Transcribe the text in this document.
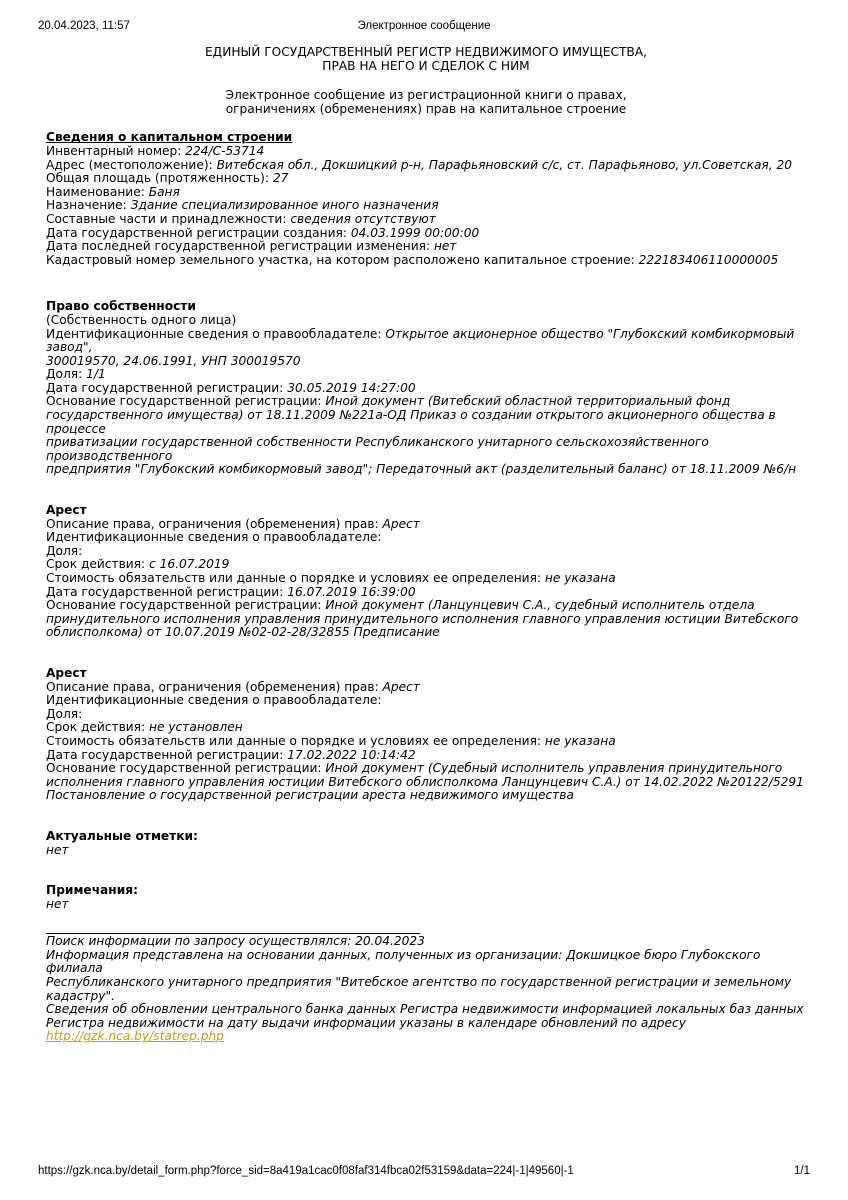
20.04.2023, 11:57	Электронное сообщение
ЕДИНЫЙ ГОСУДАРСТВЕННЫЙ РЕГИСТР НЕДВИЖИМОГО ИМУЩЕСТВА,
ПРАВ НА НЕГО И СДЕЛОК С НИМ
Электронное сообщение из регистрационной книги о правах,
ограничениях (обременениях) прав на капитальное строение
Сведения о капитальном строении
Инвентарный номер: 224/C-53714
Адрес (местоположение): Витебская обл., Докшицкий р-н, Парафьяновский с/с, ст. Парафьяново, ул.Советская, 20
Общая площадь (протяженность): 27
Наименование: Баня
Назначение: Здание специализированное иного назначения
Составные части и принадлежности: сведения отсутствуют
Дата государственной регистрации создания: 04.03.1999 00:00:00
Дата последней государственной регистрации изменения: нет
Кадастровый номер земельного участка, на котором расположено капитальное строение: 222183406110000005
Право собственности
(Собственность одного лица)
Идентификационные сведения о правообладателе: Открытое акционерное общество "Глубокский комбикормовый завод",
300019570, 24.06.1991, УНП 300019570
Доля: 1/1
Дата государственной регистрации: 30.05.2019 14:27:00
Основание государственной регистрации: Иной документ (Витебский областной территориальный фонд
государственного имущества) от 18.11.2009 №221а-ОД Приказ о создании открытого акционерного общества в процессе
приватизации государственной собственности Республиканского унитарного сельскохозяйственного производственного
предприятия "Глубокский комбикормовый завод"; Передаточный акт (разделительный баланс) от 18.11.2009 №6/н
Арест
Описание права, ограничения (обременения) прав: Арест
Идентификационные сведения о правообладателе:
Доля:
Срок действия: с 16.07.2019
Стоимость обязательств или данные о порядке и условиях ее определения: не указана
Дата государственной регистрации: 16.07.2019 16:39:00
Основание государственной регистрации: Иной документ (Ланцунцевич С.А., судебный исполнитель отдела
принудительного исполнения управления принудительного исполнения главного управления юстиции Витебского
облисполкома) от 10.07.2019 №02-02-28/32855 Предписание
Арест
Описание права, ограничения (обременения) прав: Арест
Идентификационные сведения о правообладателе:
Доля:
Срок действия: не установлен
Стоимость обязательств или данные о порядке и условиях ее определения: не указана
Дата государственной регистрации: 17.02.2022 10:14:42
Основание государственной регистрации: Иной документ (Судебный исполнитель управления принудительного
исполнения главного управления юстиции Витебского облисполкома Ланцунцевич С.А.) от 14.02.2022 №20122/5291
Постановление о государственной регистрации ареста недвижимого имущества
Актуальные отметки:
нет
Примечания:
нет
Поиск информации по запросу осуществлялся: 20.04.2023
Информация представлена на основании данных, полученных из организации: Докшицкое бюро Глубокского филиала
Республиканского унитарного предприятия "Витебское агентство по государственной регистрации и земельному
кадастру".
Сведения об обновлении центрального банка данных Регистра недвижимости информацией локальных баз данных
Регистра недвижимости на дату выдачи информации указаны в календаре обновлений по адресу
http://gzk.nca.by/statrep.php
https://gzk.nca.by/detail_form.php?force_sid=8a419a1cac0f08faf314fbca02f53159&data=224|-1|49560|-1	1/1
